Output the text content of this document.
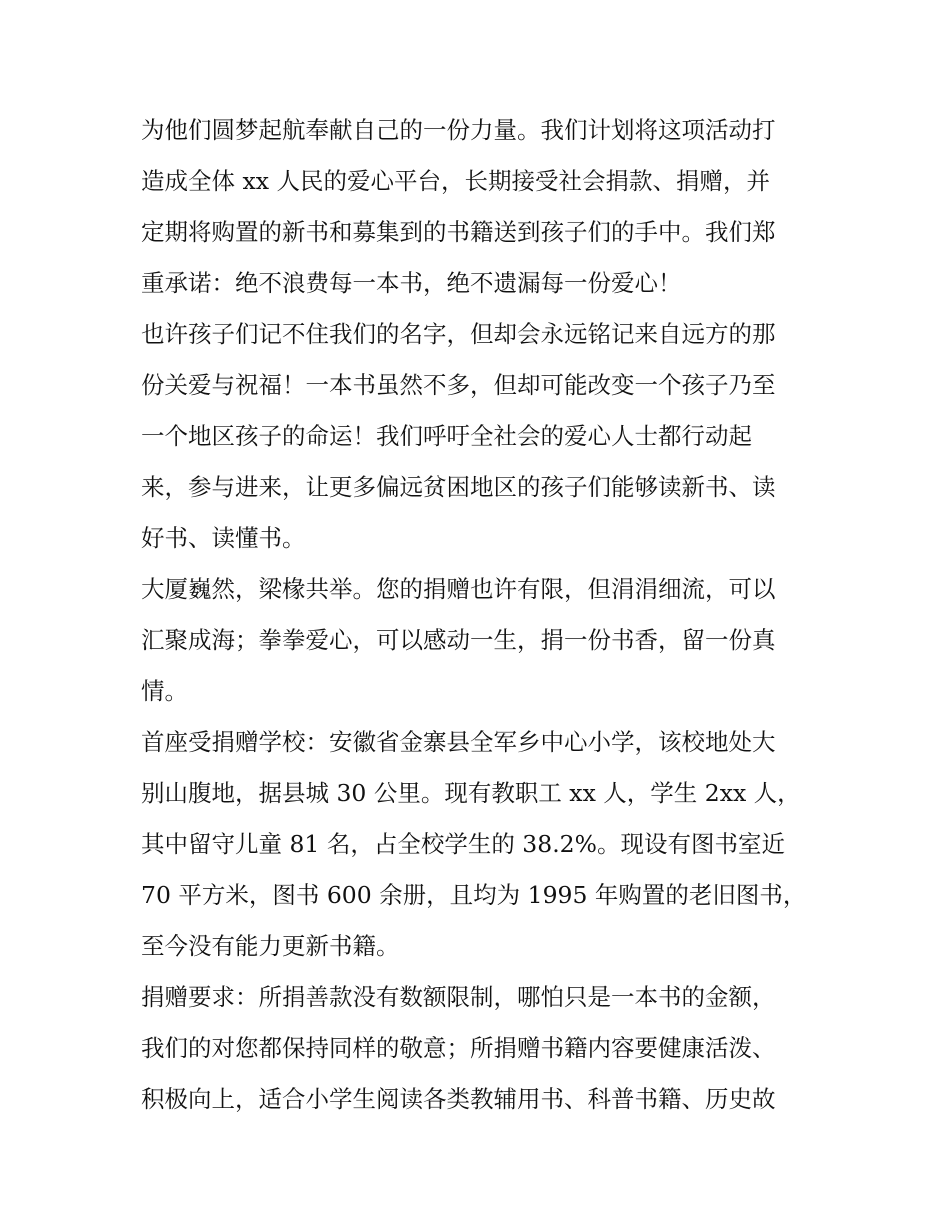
为他们圆梦起航奉献自己的一份力量。我们计划将这项活动打
造成全体 xx 人民的爱心平台，长期接受社会捐款、捐赠，并
定期将购置的新书和募集到的书籍送到孩子们的手中。我们郑
重承诺：绝不浪费每一本书，绝不遗漏每一份爱心！
也许孩子们记不住我们的名字，但却会永远铭记来自远方的那
份关爱与祝福！一本书虽然不多，但却可能改变一个孩子乃至
一个地区孩子的命运！我们呼吁全社会的爱心人士都行动起
来，参与进来，让更多偏远贫困地区的孩子们能够读新书、读
好书、读懂书。
大厦巍然，梁椽共举。您的捐赠也许有限，但涓涓细流，可以
汇聚成海；拳拳爱心，可以感动一生，捐一份书香，留一份真
情。
首座受捐赠学校：安徽省金寨县全军乡中心小学，该校地处大
别山腹地，据县城 30 公里。现有教职工 xx 人，学生 2xx 人，
其中留守儿童 81 名，占全校学生的 38.2%。现设有图书室近
70 平方米，图书 600 余册，且均为 1995 年购置的老旧图书，
至今没有能力更新书籍。
捐赠要求：所捐善款没有数额限制，哪怕只是一本书的金额，
我们的对您都保持同样的敬意；所捐赠书籍内容要健康活泼、
积极向上，适合小学生阅读各类教辅用书、科普书籍、历史故
